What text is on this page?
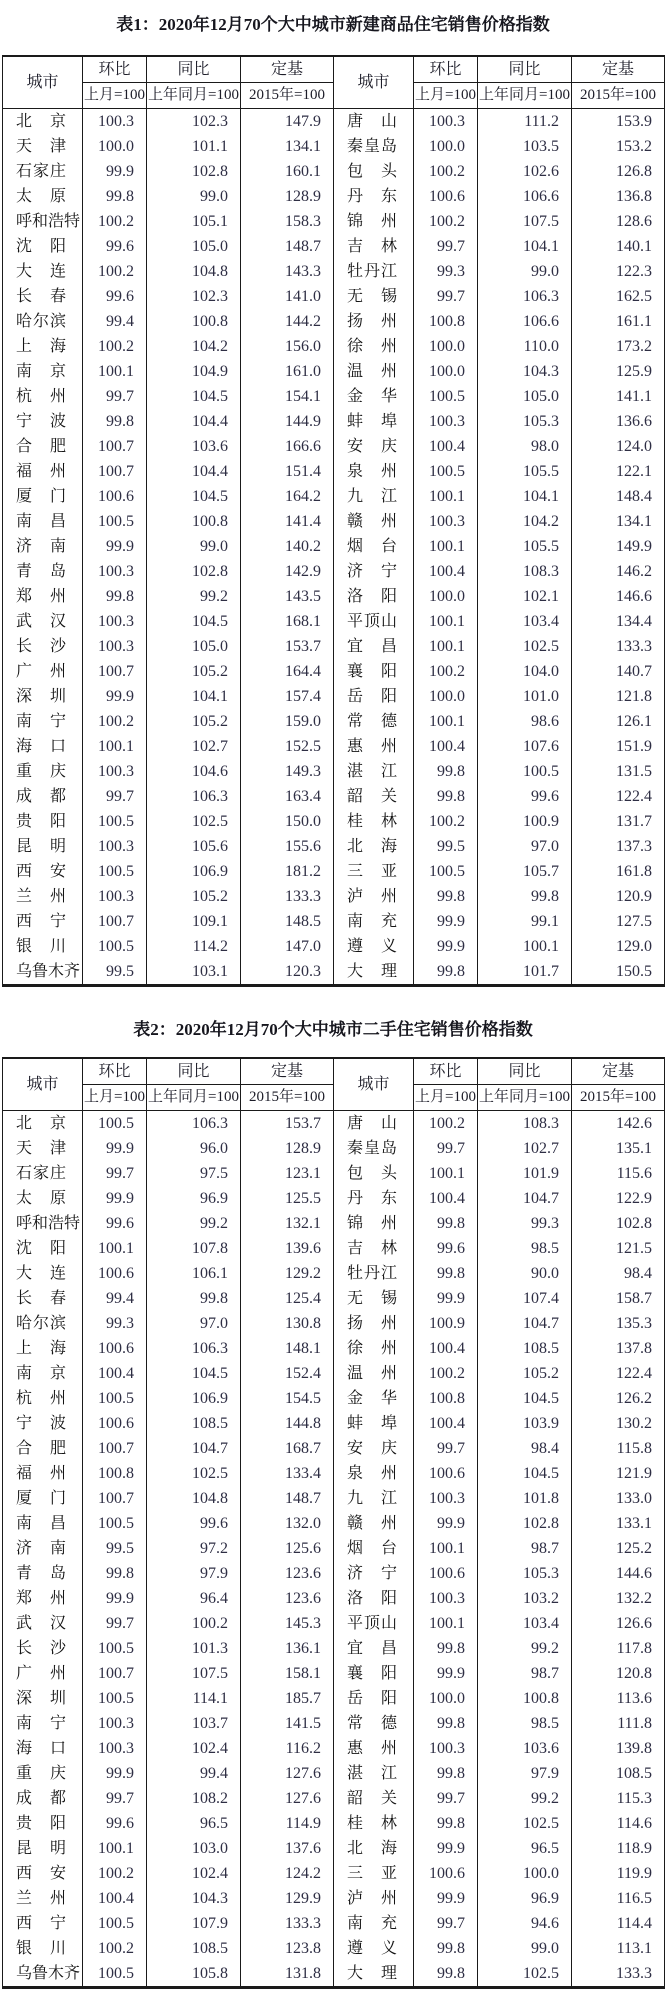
表1：2020年12月70个大中城市新建商品住宅销售价格指数
城市	环比	同比	定基	城市	环比	同比	定基
	上月=100	上年同月=100	2015年=100		上月=100	上年同月=100	2015年=100

北 京	100.3	102.3	147.9	唐 山	100.3	111.2	153.9

天 津	100.0	101.1	134.1	秦 皇 岛	100.0	103.5	153.2

石 家 庄	99.9	102.8	160.1	包 头	100.2	102.6	126.8

太 原	99.8	99.0	128.9	丹 东	100.6	106.6	136.8

呼 和 浩 特	100.2	105.1	158.3	锦 州	100.2	107.5	128.6

沈 阳	99.6	105.0	148.7	吉 林	99.7	104.1	140.1

大 连	100.2	104.8	143.3	牡 丹 江	99.3	99.0	122.3

长 春	99.6	102.3	141.0	无 锡	99.7	106.3	162.5

哈 尔 滨	99.4	100.8	144.2	扬 州	100.8	106.6	161.1

上 海	100.2	104.2	156.0	徐 州	100.0	110.0	173.2

南 京	100.1	104.9	161.0	温 州	100.0	104.3	125.9

杭 州	99.7	104.5	154.1	金 华	100.5	105.0	141.1

宁 波	99.8	104.4	144.9	蚌 埠	100.3	105.3	136.6

合 肥	100.7	103.6	166.6	安 庆	100.4	98.0	124.0

福 州	100.7	104.4	151.4	泉 州	100.5	105.5	122.1

厦 门	100.6	104.5	164.2	九 江	100.1	104.1	148.4

南 昌	100.5	100.8	141.4	赣 州	100.3	104.2	134.1

济 南	99.9	99.0	140.2	烟 台	100.1	105.5	149.9

青 岛	100.3	102.8	142.9	济 宁	100.4	108.3	146.2

郑 州	99.8	99.2	143.5	洛 阳	100.0	102.1	146.6

武 汉	100.3	104.5	168.1	平 顶 山	100.1	103.4	134.4

长 沙	100.3	105.0	153.7	宜 昌	100.1	102.5	133.3

广 州	100.7	105.2	164.4	襄 阳	100.2	104.0	140.7

深 圳	99.9	104.1	157.4	岳 阳	100.0	101.0	121.8

南 宁	100.2	105.2	159.0	常 德	100.1	98.6	126.1

海 口	100.1	102.7	152.5	惠 州	100.4	107.6	151.9

重 庆	100.3	104.6	149.3	湛 江	99.8	100.5	131.5

成 都	99.7	106.3	163.4	韶 关	99.8	99.6	122.4

贵 阳	100.5	102.5	150.0	桂 林	100.2	100.9	131.7

昆 明	100.3	105.6	155.6	北 海	99.5	97.0	137.3

西 安	100.5	106.9	181.2	三 亚	100.5	105.7	161.8

兰 州	100.3	105.2	133.3	泸 州	99.8	99.8	120.9

西 宁	100.7	109.1	148.5	南 充	99.9	99.1	127.5

银 川	100.5	114.2	147.0	遵 义	99.9	100.1	129.0

乌 鲁 木 齐	99.5	103.1	120.3	大 理	99.8	101.7	150.5
表2：2020年12月70个大中城市二手住宅销售价格指数
城市	环比	同比	定基	城市	环比	同比	定基
	上月=100	上年同月=100	2015年=100		上月=100	上年同月=100	2015年=100

北 京	100.5	106.3	153.7	唐 山	100.2	108.3	142.6

天 津	99.9	96.0	128.9	秦 皇 岛	99.7	102.7	135.1

石 家 庄	99.7	97.5	123.1	包 头	100.1	101.9	115.6

太 原	99.9	96.9	125.5	丹 东	100.4	104.7	122.9

呼 和 浩 特	99.6	99.2	132.1	锦 州	99.8	99.3	102.8

沈 阳	100.1	107.8	139.6	吉 林	99.6	98.5	121.5

大 连	100.6	106.1	129.2	牡 丹 江	99.8	90.0	98.4

长 春	99.4	99.8	125.4	无 锡	99.9	107.4	158.7

哈 尔 滨	99.3	97.0	130.8	扬 州	100.9	104.7	135.3

上 海	100.6	106.3	148.1	徐 州	100.4	108.5	137.8

南 京	100.4	104.5	152.4	温 州	100.2	105.2	122.4

杭 州	100.5	106.9	154.5	金 华	100.8	104.5	126.2

宁 波	100.6	108.5	144.8	蚌 埠	100.4	103.9	130.2

合 肥	100.7	104.7	168.7	安 庆	99.7	98.4	115.8

福 州	100.8	102.5	133.4	泉 州	100.6	104.5	121.9

厦 门	100.7	104.8	148.7	九 江	100.3	101.8	133.0

南 昌	100.5	99.6	132.0	赣 州	99.9	102.8	133.1

济 南	99.5	97.2	125.6	烟 台	100.1	98.7	125.2

青 岛	99.8	97.9	123.6	济 宁	100.6	105.3	144.6

郑 州	99.9	96.4	123.6	洛 阳	100.3	103.2	132.2

武 汉	99.7	100.2	145.3	平 顶 山	100.1	103.4	126.6

长 沙	100.5	101.3	136.1	宜 昌	99.8	99.2	117.8

广 州	100.7	107.5	158.1	襄 阳	99.9	98.7	120.8

深 圳	100.5	114.1	185.7	岳 阳	100.0	100.8	113.6

南 宁	100.3	103.7	141.5	常 德	99.8	98.5	111.8

海 口	100.3	102.4	116.2	惠 州	100.3	103.6	139.8

重 庆	99.9	99.4	127.6	湛 江	99.8	97.9	108.5

成 都	99.7	108.2	127.6	韶 关	99.7	99.2	115.3

贵 阳	99.6	96.5	114.9	桂 林	99.8	102.5	114.6

昆 明	100.1	103.0	137.6	北 海	99.9	96.5	118.9

西 安	100.2	102.4	124.2	三 亚	100.6	100.0	119.9

兰 州	100.4	104.3	129.9	泸 州	99.9	96.9	116.5

西 宁	100.5	107.9	133.3	南 充	99.7	94.6	114.4

银 川	100.2	108.5	123.8	遵 义	99.8	99.0	113.1

乌 鲁 木 齐	100.5	105.8	131.8	大 理	99.8	102.5	133.3
